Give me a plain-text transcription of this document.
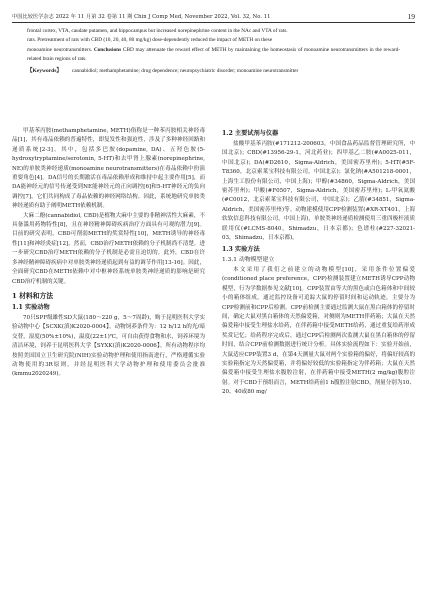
中国比较医学杂志 2022 年 11 月第 32 卷第 11 期 Chin J Comp Med, November 2022, Vol. 32, No. 11	19

frontal cortex, VTA, caudate putamen, and hippocampus but increased norepinephrine content in the NAc and VTA of rats.

rats. Pretreatment of rats with CBD (10, 20, 40, 80 mg/kg) dose-dependently reduced the impact of METH on these

monoamine neurotransmitters. Conclusions CBD may attenuate the reward effect of METH by maintaining the homeostasis of monoamine neurotransmitters in the reward-related brain regions of rats.

【Keywords】 cannabidiol; methamphetamine; drug dependence; neuropsychiatric disorder; monoamine neurotransmitter

甲基苯丙胺(methamphetamine, METH)俗称是一种苯丙胺相关神经毒品[1]，其有毒品依赖的普遍特性，即复发性和强迫性，涉及了多种神经回路和递质系统[2-3]。其中，包括多巴胺(dopamine, DA)、五羟色胺(5-hydroxytryptamine/serotonin, 5-HT)和去甲肾上腺素(norepinephrine, NE)的单胺类神经递质(monoamine neurotransmitters)在毒品依赖中扮演重要角色[4]。DA信号的长期激活在毒品依赖形成和维持中起主要作用[5]，而DA能神经元的信号传递受到NE能神经元的正向调控[6]和5-HT神经元的负向调控[7]，它们共同构成了毒品依赖的神经网络结构。因此，系统地研究单胺类神经递质有助于阐明METH依赖机制。

大麻二酚(cannabidiol, CBD)是植物大麻中主要的非精神活性大麻素，不具备滥用药物特性[8]，且在神经精神障碍疾病治疗方面具有可观的潜力[9]。目前的研究表明，CBD可削弱METH的奖赏特性[10]，METH诱导的神经毒性[11]和神经炎症[12]。然而，CBD治疗METH依赖的分子机制尚不清楚。进一步研究CBD治疗METH依赖的分子机制是必需且迫切的。此外，CBD在许多神经精神障碍疾病中对单胺类神经递质起到有益的调节作用[13-16]。因此，全面研究CBD在METH依赖中对中枢神经系统单胺类神经递质的影响是研究CBD治疗机制的关键。

1 材料和方法
1.1 实验动物

70只SPF级雄性SD大鼠(180～220 g，5～7周龄)，购于昆明医科大学实验动物中心【SCXK(滇)K2020-0004】。动物饲养条件为：12 h/12 h的光/暗交替，湿度(50%±10%)，温度(22±1)℃，可自由获得食物和水，饲养环境为清洁环境，饲养于昆明医科大学【SYXK(滇)K2020-0006】。所有动物程序均按照美国国立卫生研究院(NIH)实验动物护理和使用指南进行，严格遵循实验动物使用的3R原则，并经昆明医科大学动物护理和使用委员会批准(kmmu2020249)。

1.2 主要试剂与仪器

盐酸甲基苯丙胺(#171212-200603，中国食品药品监督管理研究所，中国北京)；CBD(#13956-29-1，河北药业)；四甲基乙二胺(#A0025-011，中国北京)；DA(#D2610，Sigma-Aldrich，美国密苏里州)；5-HT(#5F-T8360，北京索莱宝科技有限公司，中国北京)；氯化钠(#A501218-0001，上海生工股份有限公司，中国上海)；甲醇(#34860，Sigma-Aldrich，美国密苏里州)；甲酸(#F0507，Sigma-Aldrich，美国密苏里州)；L-甲氧氮酸(#C0012，北京索莱宝科技有限公司，中国北京)；乙腈(#34851，Sigma-Aldrich，美国密苏里州)等。动物建模使用CPP检测装置(#XR-XT401，上海软软信息科技有限公司，中国上海)，单胺类神经递质检测使用三重四极杆液质联用仪(#LCMS-8040，Shimadzu，日本京都)；色谱柱(#227-32021-03，Shimadzu，日本京都)。

1.3 实验方法
1.3.1 动物模型建立

本文采用了我们之前建立的动物模型[10]，采用条件位置偏爱(conditioned place preference，CPP)检测装置建立METH诱导CPP动物模型，行为学数据参见文献[10]。CPP装置由等大的黑色或白色箱体和中间较小的箱体组成，通过监控设备可追踪大鼠的停留时间和运动轨迹，主要分为CPP检测前和CPP后检测。CPP前检测主要通过监测大鼠在黑白箱体的停留时间，确定大鼠对黑白箱体的天然偏爱箱，对侧则为METH伴药箱；大鼠在天然偏爱箱中接受生理盐水给药，在伴药箱中接受METH给药，通过重复给药形成奖赏记忆；给药程序完成后，通过CPP后检测两次监测大鼠在黑白箱体的停留时间，结合CPP前检测数据进行统计分析。具体实验流程如下：实验开始前，大鼠适应CPP装置3 d，在第4天测量大鼠对两个实验箱的偏好，将偏好较高的实验箱指定为天然偏爱箱，并将偏好较低的实验箱指定为伴药箱；大鼠在天然偏爱箱中接受生理盐水腹腔注射，在伴药箱中接受METH(2 mg/kg)腹腔注射。对于CBD干预组而言，METH给药前1 h腹腔注射CBD，剂量分别为10、20、40或80 mg/
